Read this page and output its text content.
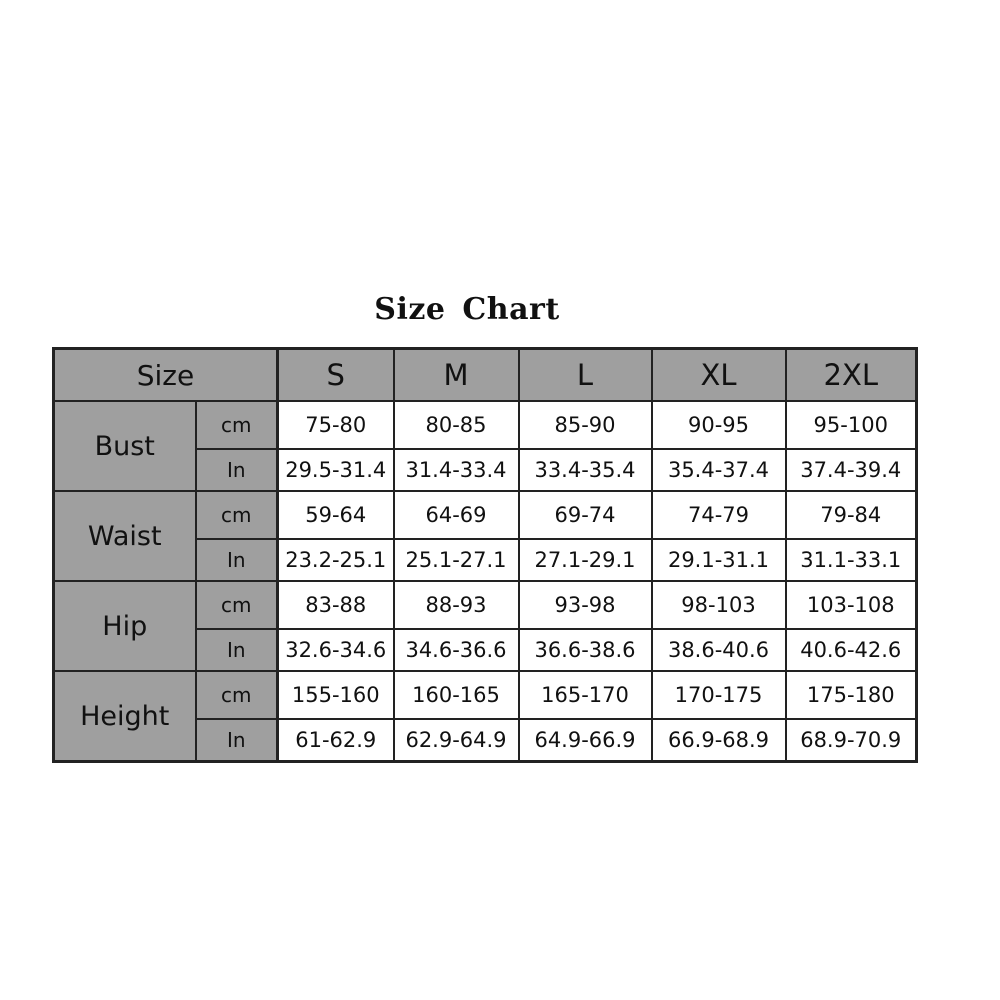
Size Chart
Size		S	M	L	XL	2XL
Bust	cm	75-80	80-85	85-90	90-95	95-100
	In	29.5-31.4	31.4-33.4	33.4-35.4	35.4-37.4	37.4-39.4
Waist	cm	59-64	64-69	69-74	74-79	79-84
	In	23.2-25.1	25.1-27.1	27.1-29.1	29.1-31.1	31.1-33.1
Hip	cm	83-88	88-93	93-98	98-103	103-108
	In	32.6-34.6	34.6-36.6	36.6-38.6	38.6-40.6	40.6-42.6
Height	cm	155-160	160-165	165-170	170-175	175-180
	In	61-62.9	62.9-64.9	64.9-66.9	66.9-68.9	68.9-70.9
